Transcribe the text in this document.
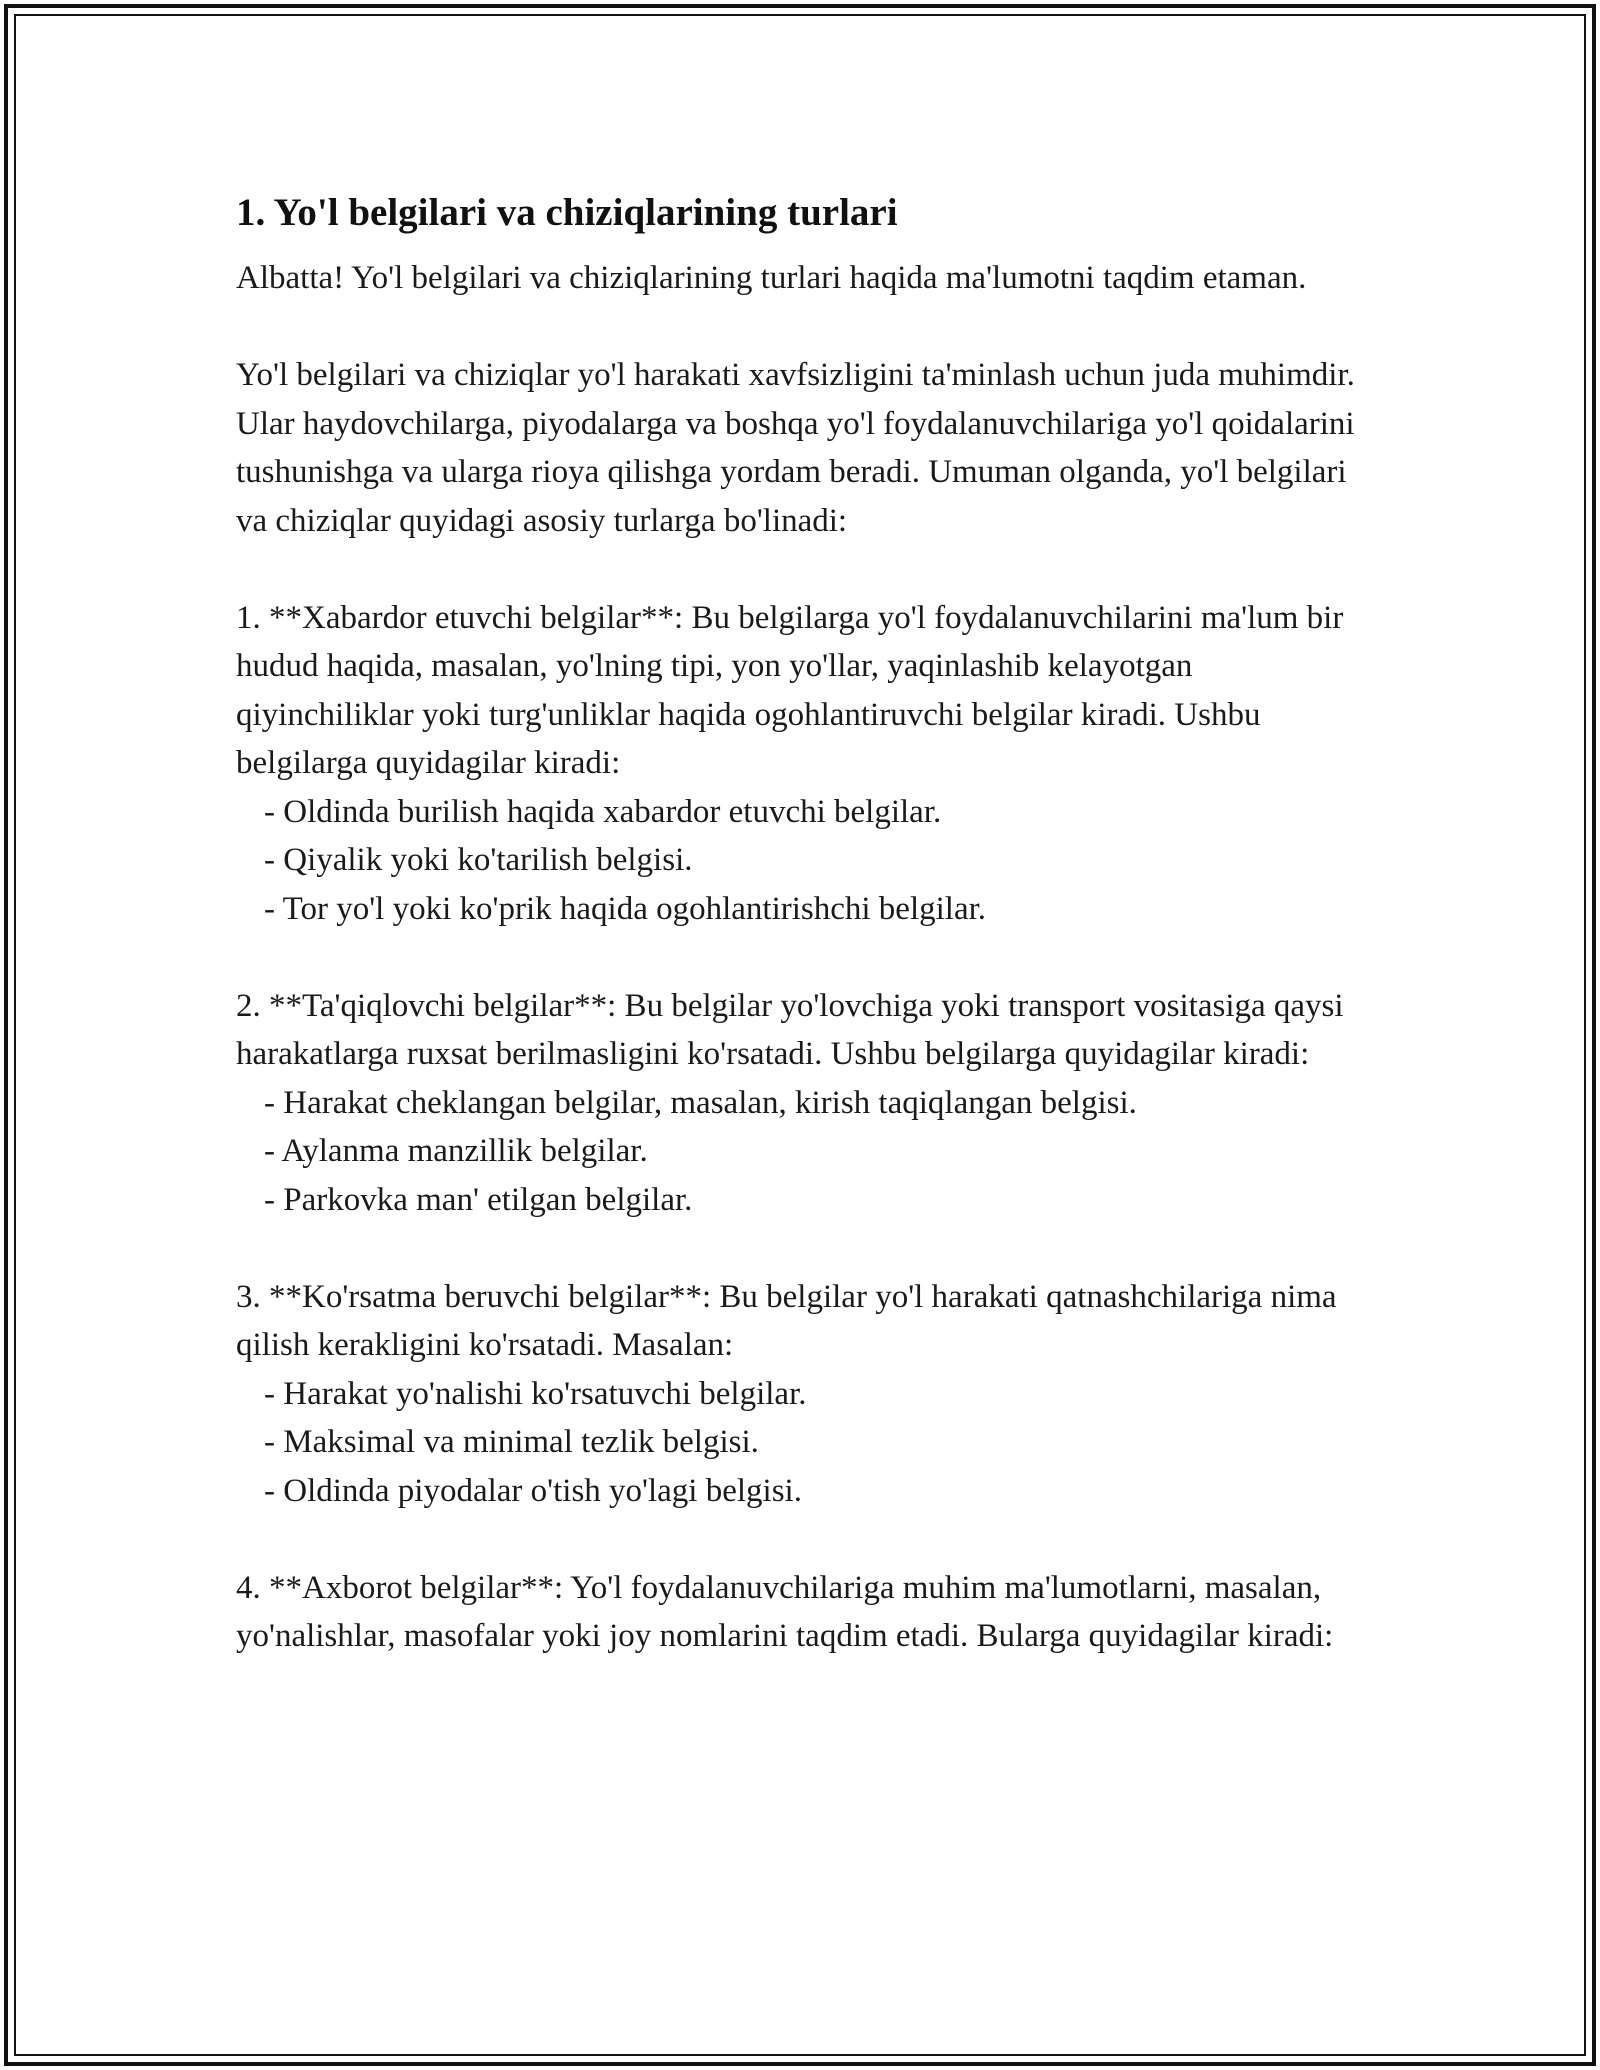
1. Yo'l belgilari va chiziqlarining turlari

Albatta! Yo'l belgilari va chiziqlarining turlari haqida ma'lumotni taqdim etaman.

Yo'l belgilari va chiziqlar yo'l harakati xavfsizligini ta'minlash uchun juda muhimdir. Ular haydovchilarga, piyodalarga va boshqa yo'l foydalanuvchilariga yo'l qoidalarini tushunishga va ularga rioya qilishga yordam beradi. Umuman olganda, yo'l belgilari va chiziqlar quyidagi asosiy turlarga bo'linadi:

1. **Xabardor etuvchi belgilar**: Bu belgilarga yo'l foydalanuvchilarini ma'lum bir hudud haqida, masalan, yo'lning tipi, yon yo'llar, yaqinlashib kelayotgan qiyinchiliklar yoki turg'unliklar haqida ogohlantiruvchi belgilar kiradi. Ushbu belgilarga quyidagilar kiradi:

- Oldinda burilish haqida xabardor etuvchi belgilar.

- Qiyalik yoki ko'tarilish belgisi.

- Tor yo'l yoki ko'prik haqida ogohlantirishchi belgilar.

2. **Ta'qiqlovchi belgilar**: Bu belgilar yo'lovchiga yoki transport vositasiga qaysi harakatlarga ruxsat berilmasligini ko'rsatadi. Ushbu belgilarga quyidagilar kiradi:

- Harakat cheklangan belgilar, masalan, kirish taqiqlangan belgisi.

- Aylanma manzillik belgilar.

- Parkovka man' etilgan belgilar.

3. **Ko'rsatma beruvchi belgilar**: Bu belgilar yo'l harakati qatnashchilariga nima qilish kerakligini ko'rsatadi. Masalan:

- Harakat yo'nalishi ko'rsatuvchi belgilar.

- Maksimal va minimal tezlik belgisi.

- Oldinda piyodalar o'tish yo'lagi belgisi.

4. **Axborot belgilar**: Yo'l foydalanuvchilariga muhim ma'lumotlarni, masalan, yo'nalishlar, masofalar yoki joy nomlarini taqdim etadi. Bularga quyidagilar kiradi:
